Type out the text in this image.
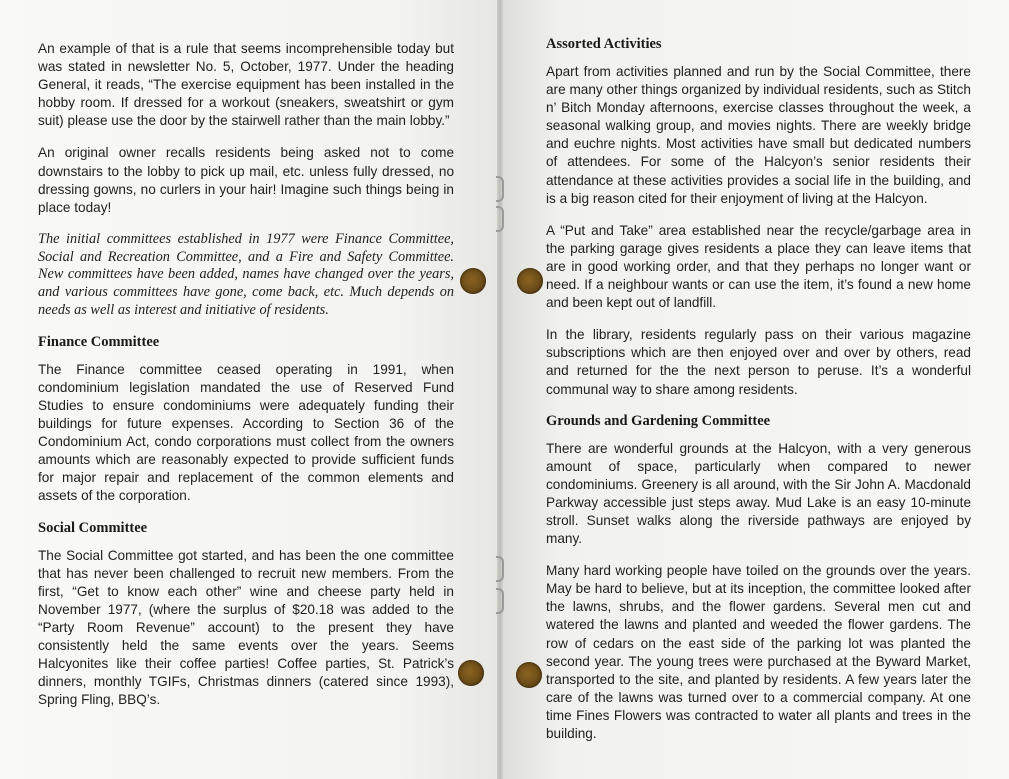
An example of that is a rule that seems incomprehensible today but was stated in newsletter No. 5, October, 1977. Under the heading General, it reads, “The exercise equipment has been installed in the hobby room. If dressed for a workout (sneakers, sweatshirt or gym suit) please use the door by the stairwell rather than the main lobby.”

An original owner recalls residents being asked not to come downstairs to the lobby to pick up mail, etc. unless fully dressed, no dressing gowns, no curlers in your hair! Imagine such things being in place today!

The initial committees established in 1977 were Finance Committee, Social and Recreation Committee, and a Fire and Safety Committee. New committees have been added, names have changed over the years, and various committees have gone, come back, etc. Much depends on needs as well as interest and initiative of residents.

Finance Committee

The Finance committee ceased operating in 1991, when condominium legislation mandated the use of Reserved Fund Studies to ensure condominiums were adequately funding their buildings for future expenses. According to Section 36 of the Condominium Act, condo corporations must collect from the owners amounts which are reasonably expected to provide sufficient funds for major repair and replacement of the common elements and assets of the corporation.

Social Committee

The Social Committee got started, and has been the one committee that has never been challenged to recruit new members. From the first, “Get to know each other” wine and cheese party held in November 1977, (where the surplus of $20.18 was added to the “Party Room Revenue” account) to the present they have consistently held the same events over the years. Seems Halcyonites like their coffee parties! Coffee parties, St. Patrick’s dinners, monthly TGIFs, Christmas dinners (catered since 1993), Spring Fling, BBQ’s.

Assorted Activities

Apart from activities planned and run by the Social Committee, there are many other things organized by individual residents, such as Stitch n’ Bitch Monday afternoons, exercise classes throughout the week, a seasonal walking group, and movies nights. There are weekly bridge and euchre nights. Most activities have small but dedicated numbers of attendees. For some of the Halcyon’s senior residents their attendance at these activities provides a social life in the building, and is a big reason cited for their enjoyment of living at the Halcyon.

A “Put and Take” area established near the recycle/garbage area in the parking garage gives residents a place they can leave items that are in good working order, and that they perhaps no longer want or need. If a neighbour wants or can use the item, it’s found a new home and been kept out of landfill.

In the library, residents regularly pass on their various magazine subscriptions which are then enjoyed over and over by others, read and returned for the the next person to peruse. It’s a wonderful communal way to share among residents.

Grounds and Gardening Committee

There are wonderful grounds at the Halcyon, with a very generous amount of space, particularly when compared to newer condominiums. Greenery is all around, with the Sir John A. Macdonald Parkway accessible just steps away. Mud Lake is an easy 10-minute stroll. Sunset walks along the riverside pathways are enjoyed by many.

Many hard working people have toiled on the grounds over the years. May be hard to believe, but at its inception, the committee looked after the lawns, shrubs, and the flower gardens. Several men cut and watered the lawns and planted and weeded the flower gardens. The row of cedars on the east side of the parking lot was planted the second year. The young trees were purchased at the Byward Market, transported to the site, and planted by residents. A few years later the care of the lawns was turned over to a commercial company. At one time Fines Flowers was contracted to water all plants and trees in the building.
